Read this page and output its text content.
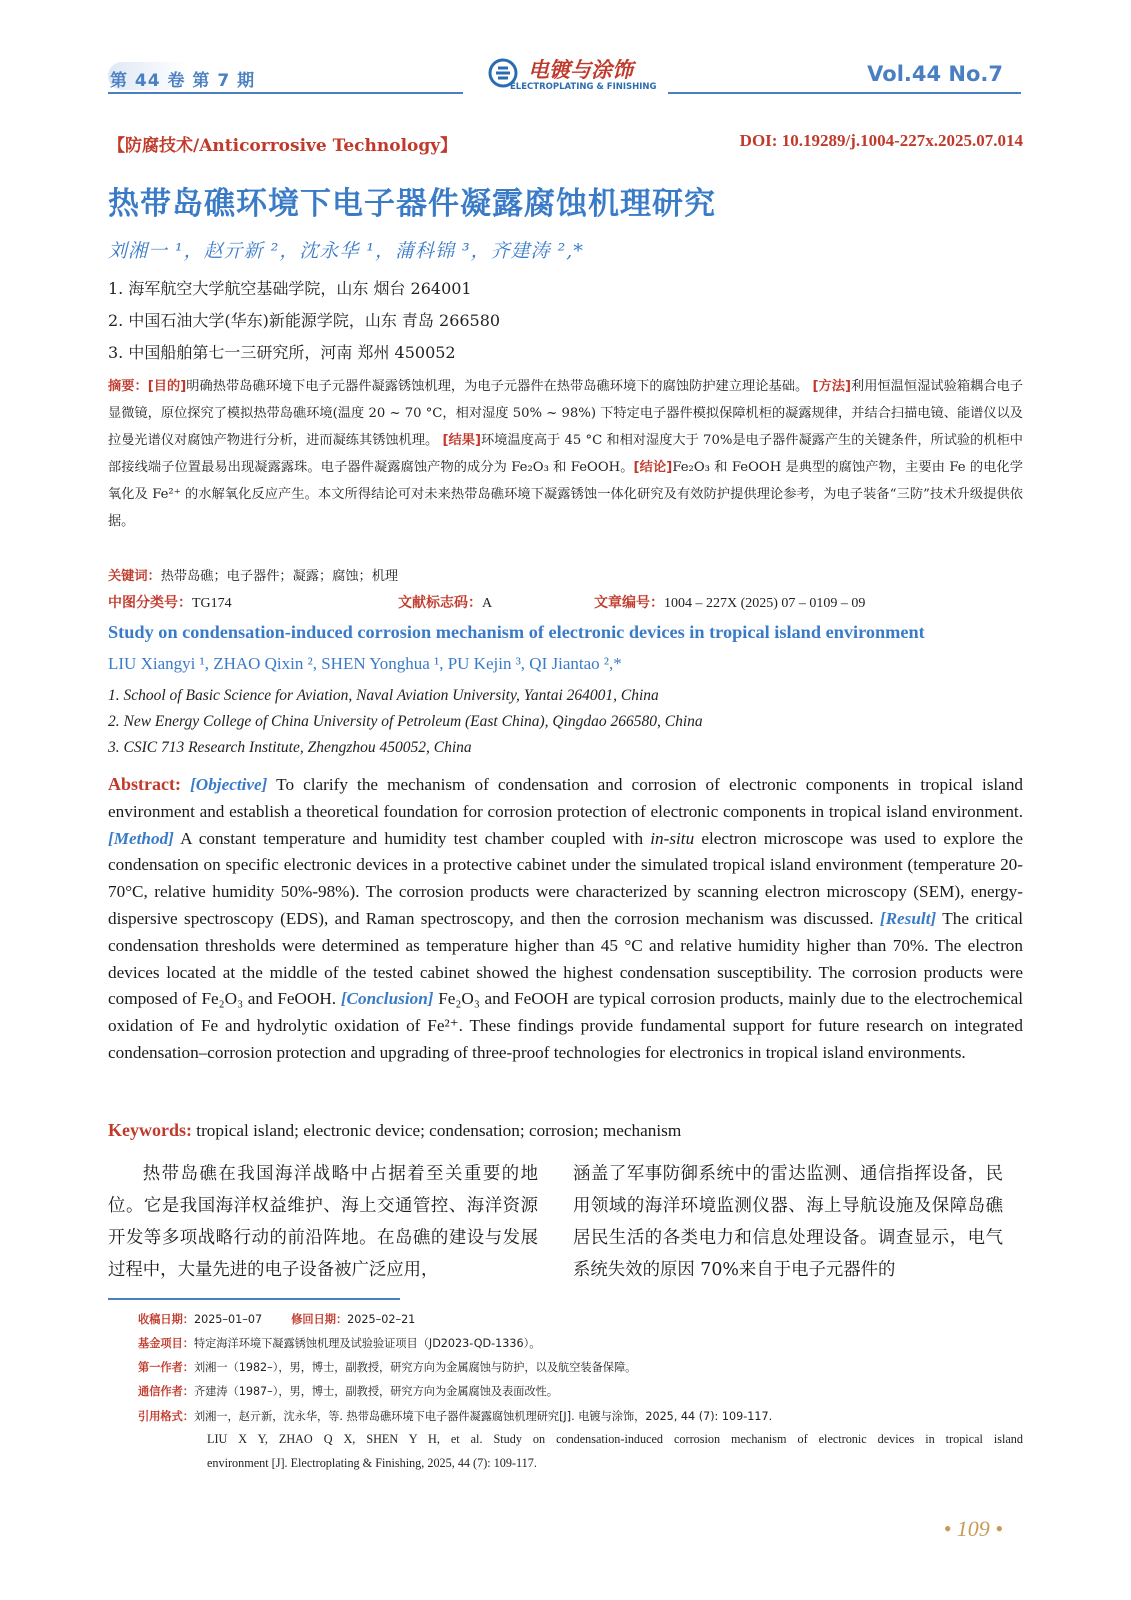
第 44 卷 第 7 期	电镀与涂饰
ELECTROPLATING & FINISHING
Vol.44 No.7
【防腐技术/Anticorrosive Technology】	DOI: 10.19289/j.1004-227x.2025.07.014
热带岛礁环境下电子器件凝露腐蚀机理研究
刘湘一 ¹，赵亓新 ²，沈永华 ¹，蒲科锦 ³，齐建涛 ²,*
1. 海军航空大学航空基础学院，山东 烟台 264001
2. 中国石油大学(华东)新能源学院，山东 青岛 266580
3. 中国船舶第七一三研究所，河南 郑州 450052
摘要：[目的]明确热带岛礁环境下电子元器件凝露锈蚀机理，为电子元器件在热带岛礁环境下的腐蚀防护建立理论基础。 [方法]利用恒温恒湿试验箱耦合电子显微镜，原位探究了模拟热带岛礁环境(温度 20 ~ 70 °C，相对湿度 50% ~ 98%) 下特定电子器件模拟保障机柜的凝露规律，并结合扫描电镜、能谱仪以及拉曼光谱仪对腐蚀产物进行分析，进而凝练其锈蚀机理。 [结果]环境温度高于 45 °C 和相对湿度大于 70%是电子器件凝露产生的关键条件，所试验的机柜中部接线端子位置最易出现凝露露珠。电子器件凝露腐蚀产物的成分为 Fe₂O₃ 和 FeOOH。[结论]Fe₂O₃ 和 FeOOH 是典型的腐蚀产物，主要由 Fe 的电化学氧化及 Fe²⁺ 的水解氧化反应产生。本文所得结论可对未来热带岛礁环境下凝露锈蚀一体化研究及有效防护提供理论参考，为电子装备“三防”技术升级提供依据。
关键词：热带岛礁；电子器件；凝露；腐蚀；机理
中图分类号：TG174	文献标志码：A	文章编号：1004 – 227X (2025) 07 – 0109 – 09
Study on condensation-induced corrosion mechanism of electronic devices in tropical island environment
LIU Xiangyi ¹, ZHAO Qixin ², SHEN Yonghua ¹, PU Kejin ³, QI Jiantao ²,*
1. School of Basic Science for Aviation, Naval Aviation University, Yantai 264001, China
2. New Energy College of China University of Petroleum (East China), Qingdao 266580, China
3. CSIC 713 Research Institute, Zhengzhou 450052, China
Abstract: [Objective] To clarify the mechanism of condensation and corrosion of electronic components in tropical island environment and establish a theoretical foundation for corrosion protection of electronic components in tropical island environment. [Method] A constant temperature and humidity test chamber coupled with in-situ electron microscope was used to explore the condensation on specific electronic devices in a protective cabinet under the simulated tropical island environment (temperature 20-70°C, relative humidity 50%-98%). The corrosion products were characterized by scanning electron microscopy (SEM), energy-dispersive spectroscopy (EDS), and Raman spectroscopy, and then the corrosion mechanism was discussed. [Result] The critical condensation thresholds were determined as temperature higher than 45 °C and relative humidity higher than 70%. The electron devices located at the middle of the tested cabinet showed the highest condensation susceptibility. The corrosion products were composed of Fe₂O₃ and FeOOH. [Conclusion] Fe₂O₃ and FeOOH are typical corrosion products, mainly due to the electrochemical oxidation of Fe and hydrolytic oxidation of Fe²⁺. These findings provide fundamental support for future research on integrated condensation–corrosion protection and upgrading of three-proof technologies for electronics in tropical island environments.
Keywords: tropical island; electronic device; condensation; corrosion; mechanism
热带岛礁在我国海洋战略中占据着至关重要的地位。它是我国海洋权益维护、海上交通管控、海洋资源开发等多项战略行动的前沿阵地。在岛礁的建设与发展过程中，大量先进的电子设备被广泛应用，
涵盖了军事防御系统中的雷达监测、通信指挥设备，民用领域的海洋环境监测仪器、海上导航设施及保障岛礁居民生活的各类电力和信息处理设备。调查显示，电气系统失效的原因 70%来自于电子元器件的
收稿日期：2025–01–07	修回日期：2025–02–21
基金项目：特定海洋环境下凝露锈蚀机理及试验验证项目（JD2023-QD-1336）。
第一作者：刘湘一（1982–），男，博士，副教授，研究方向为金属腐蚀与防护，以及航空装备保障。
通信作者：齐建涛（1987–），男，博士，副教授，研究方向为金属腐蚀及表面改性。
引用格式：刘湘一，赵亓新，沈永华，等. 热带岛礁环境下电子器件凝露腐蚀机理研究[J]. 电镀与涂饰，2025, 44 (7): 109-117.
LIU X Y, ZHAO Q X, SHEN Y H, et al. Study on condensation-induced corrosion mechanism of electronic devices in tropical island
environment [J]. Electroplating & Finishing, 2025, 44 (7): 109-117.
• 109 •
